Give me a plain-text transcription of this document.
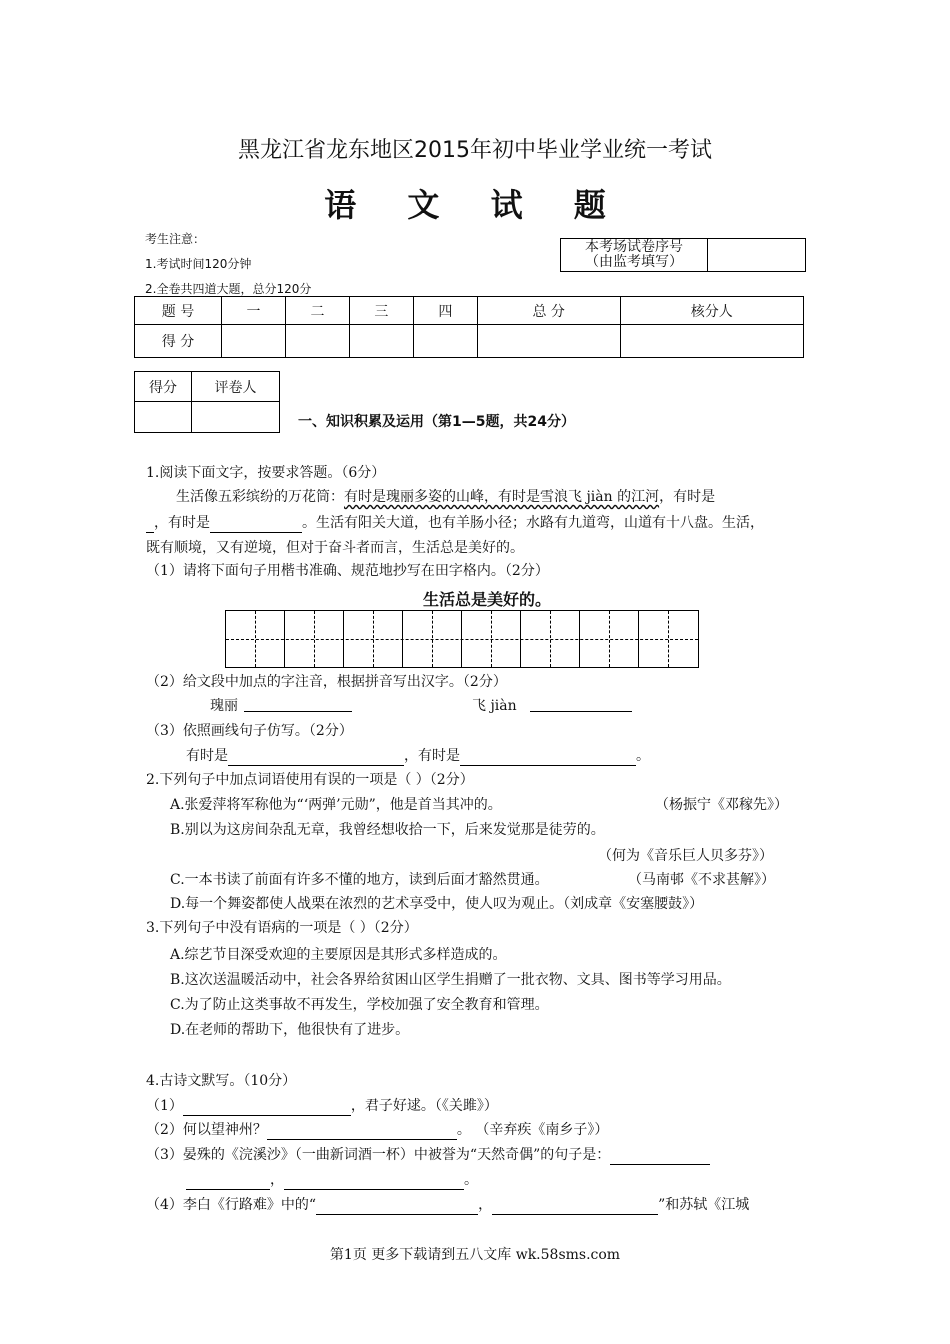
黑龙江省龙东地区2015年初中毕业学业统一考试
语 文 试 题
考生注意：
1.考试时间120分钟
2.全卷共四道大题，总分120分
本考场试卷序号
（由监考填写）

题 号	一	二	三	四	总 分	核分人
得 分						
得分	评卷人

一、知识积累及运用（第1—5题，共24分）
1.阅读下面文字，按要求答题。（6分）
生活像五彩缤纷的万花筒：有时是瑰丽多姿的山峰，有时是雪浪飞 jiàn 的江河，有时是
，有时是	。生活有阳关大道，也有羊肠小径；水路有九道弯，山道有十八盘。生活，
既有顺境，又有逆境，但对于奋斗者而言，生活总是美好的。
（1）请将下面句子用楷书准确、规范地抄写在田字格内。（2分）
生活总是美好的。
（2）给文段中加点的字注音，根据拼音写出汉字。（2分）
瑰丽	飞 jiàn
（3）依照画线句子仿写。（2分）
有时是	，有时是	。
2.下列句子中加点词语使用有误的一项是（ ）（2分）
A.张爱萍将军称他为“‘两弹’元勋”，他是首当其冲的。	（杨振宁《邓稼先》）
B.别以为这房间杂乱无章，我曾经想收拾一下，后来发觉那是徒劳的。
（何为《音乐巨人贝多芬》）
C.一本书读了前面有许多不懂的地方，读到后面才豁然贯通。	（马南邨《不求甚解》）
D.每一个舞姿都使人战栗在浓烈的艺术享受中，使人叹为观止。（刘成章《安塞腰鼓》）
3.下列句子中没有语病的一项是（ ）（2分）
A.综艺节目深受欢迎的主要原因是其形式多样造成的。
B.这次送温暖活动中，社会各界给贫困山区学生捐赠了一批衣物、文具、图书等学习用品。
C.为了防止这类事故不再发生，学校加强了安全教育和管理。
D.在老师的帮助下，他很快有了进步。
4.古诗文默写。（10分）
（1）	，君子好逑。（《关雎》）
（2）何以望神州？	。 （辛弃疾《南乡子》）
（3）晏殊的《浣溪沙》（一曲新词酒一杯）中被誉为“天然奇偶”的句子是：
，	。
（4）李白《行路难》中的“	，	”和苏轼《江城
第1页 更多下载请到五八文库 wk.58sms.com
